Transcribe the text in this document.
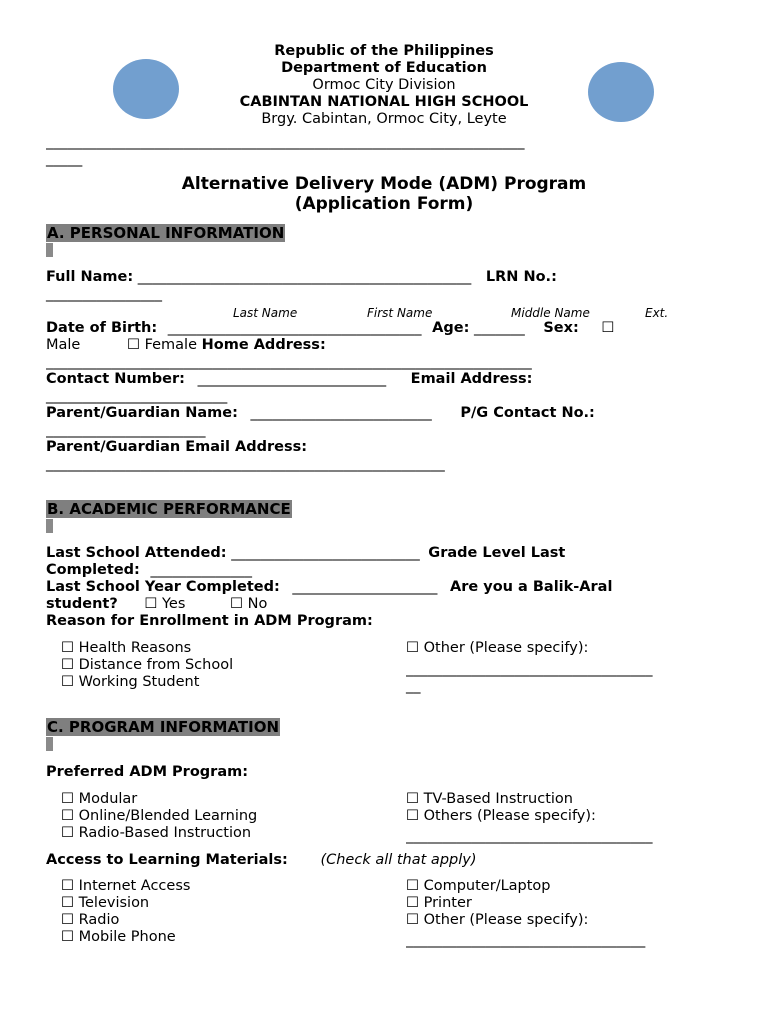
Republic of the Philippines
Department of Education
Ormoc City Division
CABINTAN NATIONAL HIGH SCHOOL
Brgy. Cabintan, Ormoc City, Leyte
__________________________________________________________________
_____
Alternative Delivery Mode (ADM) Program
(Application Form)
A. PERSONAL INFORMATION
Full Name: ______________________________________________ LRN No.:
________________
Last Name	First Name	Middle Name	Ext.
Date of Birth: ___________________________________ Age: _______ Sex: ☐
Male	☐ Female Home Address:
___________________________________________________________________
Contact Number: __________________________ Email Address:
_________________________
Parent/Guardian Name: _________________________ P/G Contact No.:
______________________
Parent/Guardian Email Address:
_______________________________________________________
B. ACADEMIC PERFORMANCE
Last School Attended: __________________________ Grade Level Last
Completed: ______________
Last School Year Completed: ____________________ Are you a Balik-Aral
student? ☐ Yes	☐ No
Reason for Enrollment in ADM Program:
☐ Health Reasons
☐ Distance from School
☐ Working Student
☐ Other (Please specify):
__________________________________
__
C. PROGRAM INFORMATION
Preferred ADM Program:
☐ Modular
☐ Online/Blended Learning
☐ Radio-Based Instruction
☐ TV-Based Instruction
☐ Others (Please specify):
__________________________________
Access to Learning Materials: (Check all that apply)
☐ Internet Access
☐ Television
☐ Radio
☐ Mobile Phone
☐ Computer/Laptop
☐ Printer
☐ Other (Please specify):
_________________________________
